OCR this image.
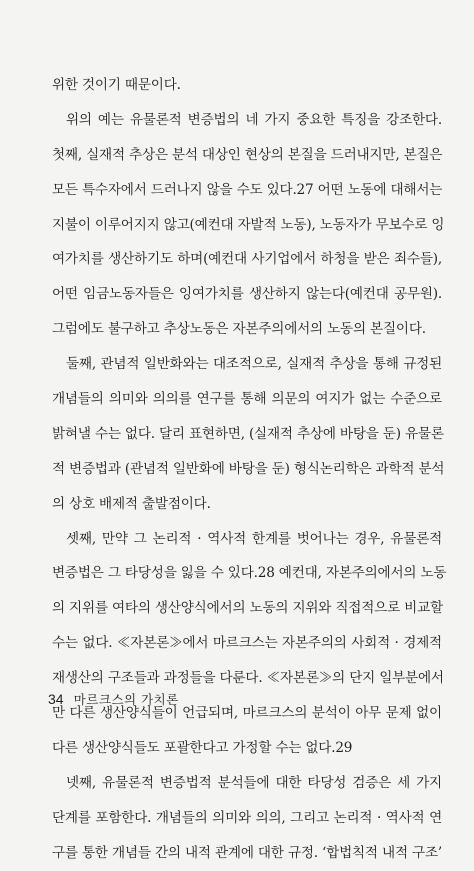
위한 것이기 때문이다.
위의 예는 유물론적 변증법의 네 가지 중요한 특징을 강조한다.
첫째, 실재적 추상은 분석 대상인 현상의 본질을 드러내지만, 본질은
모든 특수자에서 드러나지 않을 수도 있다.27 어떤 노동에 대해서는
지불이 이루어지지 않고(예컨대 자발적 노동), 노동자가 무보수로 잉
여가치를 생산하기도 하며(예컨대 사기업에서 하청을 받은 죄수들),
어떤 임금노동자들은 잉여가치를 생산하지 않는다(예컨대 공무원).
그럼에도 불구하고 추상노동은 자본주의에서의 노동의 본질이다.
둘째, 관념적 일반화와는 대조적으로, 실재적 추상을 통해 규정된
개념들의 의미와 의의를 연구를 통해 의문의 여지가 없는 수준으로
밝혀낼 수는 없다. 달리 표현하면, (실재적 추상에 바탕을 둔) 유물론
적 변증법과 (관념적 일반화에 바탕을 둔) 형식논리학은 과학적 분석
의 상호 배제적 출발점이다.
셋째, 만약 그 논리적 · 역사적 한계를 벗어나는 경우, 유물론적
변증법은 그 타당성을 잃을 수 있다.28 예컨대, 자본주의에서의 노동
의 지위를 여타의 생산양식에서의 노동의 지위와 직접적으로 비교할
수는 없다. ≪자본론≫에서 마르크스는 자본주의의 사회적 · 경제적
재생산의 구조들과 과정들을 다룬다. ≪자본론≫의 단지 일부분에서
만 다른 생산양식들이 언급되며, 마르크스의 분석이 아무 문제 없이
다른 생산양식들도 포괄한다고 가정할 수는 없다.29
넷째, 유물론적 변증법적 분석들에 대한 타당성 검증은 세 가지
단계를 포함한다. 개념들의 의미와 의의, 그리고 논리적 · 역사적 연
구를 통한 개념들 간의 내적 관계에 대한 규정. ‘합법칙적 내적 구조’
34 마르크스의 가치론
